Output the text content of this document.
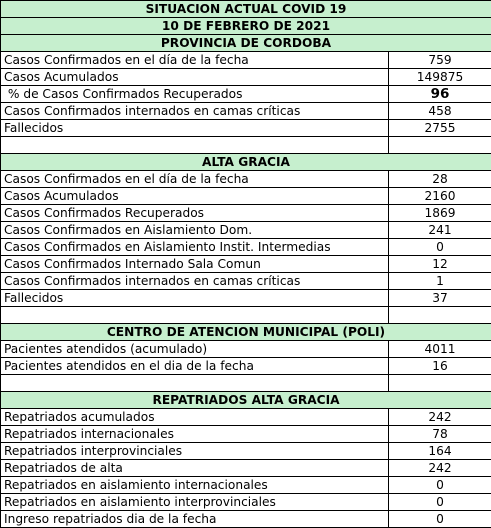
SITUACION ACTUAL COVID 19	
10 DE FEBRERO DE 2021	
PROVINCIA DE CORDOBA	
Casos Confirmados en el día de la fecha	759
Casos Acumulados	149875
% de Casos Confirmados Recuperados	96
Casos Confirmados internados en camas críticas	458
Fallecidos	2755

ALTA GRACIA	
Casos Confirmados en el día de la fecha	28
Casos Acumulados	2160
Casos Confirmados Recuperados	1869
Casos Confirmados en Aislamiento Dom.	241
Casos Confirmados en Aislamiento Instit. Intermedias	0
Casos Confirmados Internado Sala Comun	12
Casos Confirmados internados en camas críticas	1
Fallecidos	37

CENTRO DE ATENCION MUNICIPAL (POLI)	
Pacientes atendidos (acumulado)	4011
Pacientes atendidos en el dia de la fecha	16

REPATRIADOS ALTA GRACIA	
Repatriados acumulados	242
Repatriados internacionales	78
Repatriados interprovinciales	164
Repatriados de alta	242
Repatriados en aislamiento internacionales	0
Repatriados en aislamiento interprovinciales	0
Ingreso repatriados dia de la fecha	0
